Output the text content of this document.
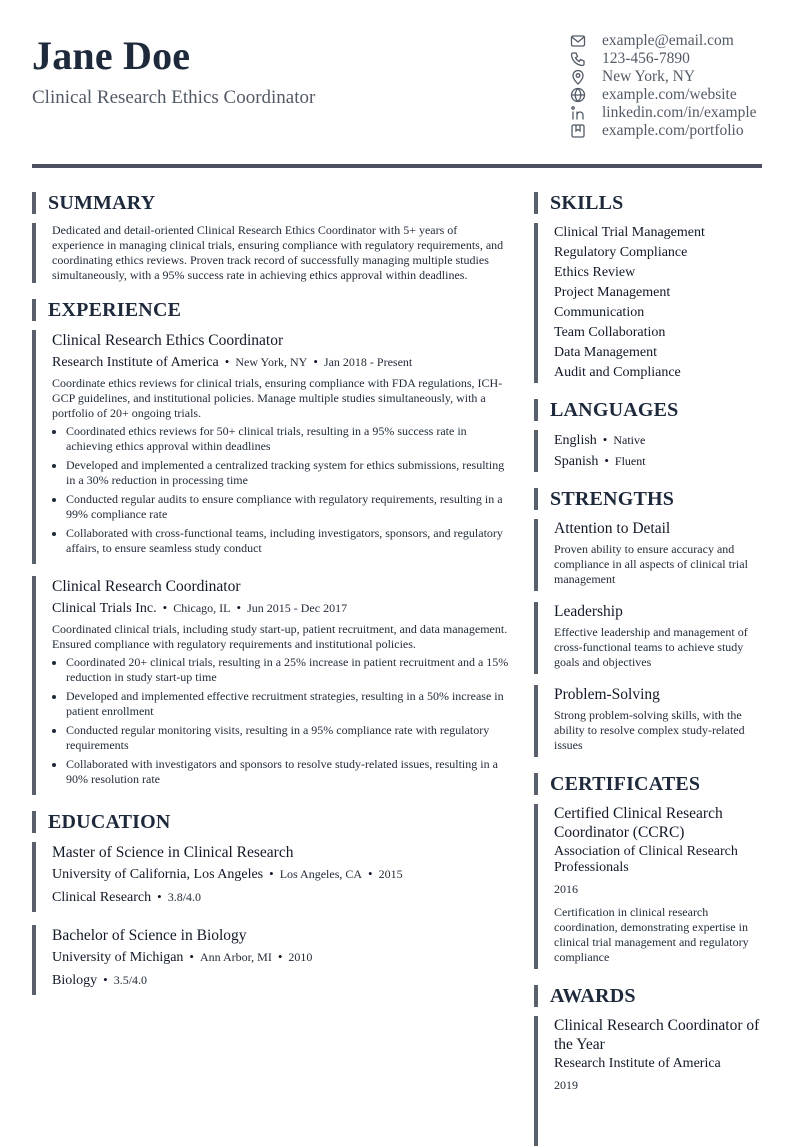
Jane Doe
Clinical Research Ethics Coordinator
example@email.com
123-456-7890
New York, NY
example.com/website
linkedin.com/in/example
example.com/portfolio
SUMMARY
Dedicated and detail-oriented Clinical Research Ethics Coordinator with 5+ years of experience in managing clinical trials, ensuring compliance with regulatory requirements, and coordinating ethics reviews. Proven track record of successfully managing multiple studies simultaneously, with a 95% success rate in achieving ethics approval within deadlines.
EXPERIENCE
Clinical Research Ethics Coordinator
Research Institute of America • New York, NY • Jan 2018 - Present
Coordinate ethics reviews for clinical trials, ensuring compliance with FDA regulations, ICH-GCP guidelines, and institutional policies. Manage multiple studies simultaneously, with a portfolio of 20+ ongoing trials.
• Coordinated ethics reviews for 50+ clinical trials, resulting in a 95% success rate in achieving ethics approval within deadlines
• Developed and implemented a centralized tracking system for ethics submissions, resulting in a 30% reduction in processing time
• Conducted regular audits to ensure compliance with regulatory requirements, resulting in a 99% compliance rate
• Collaborated with cross-functional teams, including investigators, sponsors, and regulatory affairs, to ensure seamless study conduct
Clinical Research Coordinator
Clinical Trials Inc. • Chicago, IL • Jun 2015 - Dec 2017
Coordinated clinical trials, including study start-up, patient recruitment, and data management. Ensured compliance with regulatory requirements and institutional policies.
• Coordinated 20+ clinical trials, resulting in a 25% increase in patient recruitment and a 15% reduction in study start-up time
• Developed and implemented effective recruitment strategies, resulting in a 50% increase in patient enrollment
• Conducted regular monitoring visits, resulting in a 95% compliance rate with regulatory requirements
• Collaborated with investigators and sponsors to resolve study-related issues, resulting in a 90% resolution rate
EDUCATION
Master of Science in Clinical Research
University of California, Los Angeles • Los Angeles, CA • 2015
Clinical Research • 3.8/4.0
Bachelor of Science in Biology
University of Michigan • Ann Arbor, MI • 2010
Biology • 3.5/4.0
SKILLS
Clinical Trial Management
Regulatory Compliance
Ethics Review
Project Management
Communication
Team Collaboration
Data Management
Audit and Compliance
LANGUAGES
English • Native
Spanish • Fluent
STRENGTHS
Attention to Detail
Proven ability to ensure accuracy and compliance in all aspects of clinical trial management
Leadership
Effective leadership and management of cross-functional teams to achieve study goals and objectives
Problem-Solving
Strong problem-solving skills, with the ability to resolve complex study-related issues
CERTIFICATES
Certified Clinical Research Coordinator (CCRC)
Association of Clinical Research Professionals
2016
Certification in clinical research coordination, demonstrating expertise in clinical trial management and regulatory compliance
AWARDS
Clinical Research Coordinator of the Year
Research Institute of America
2019
